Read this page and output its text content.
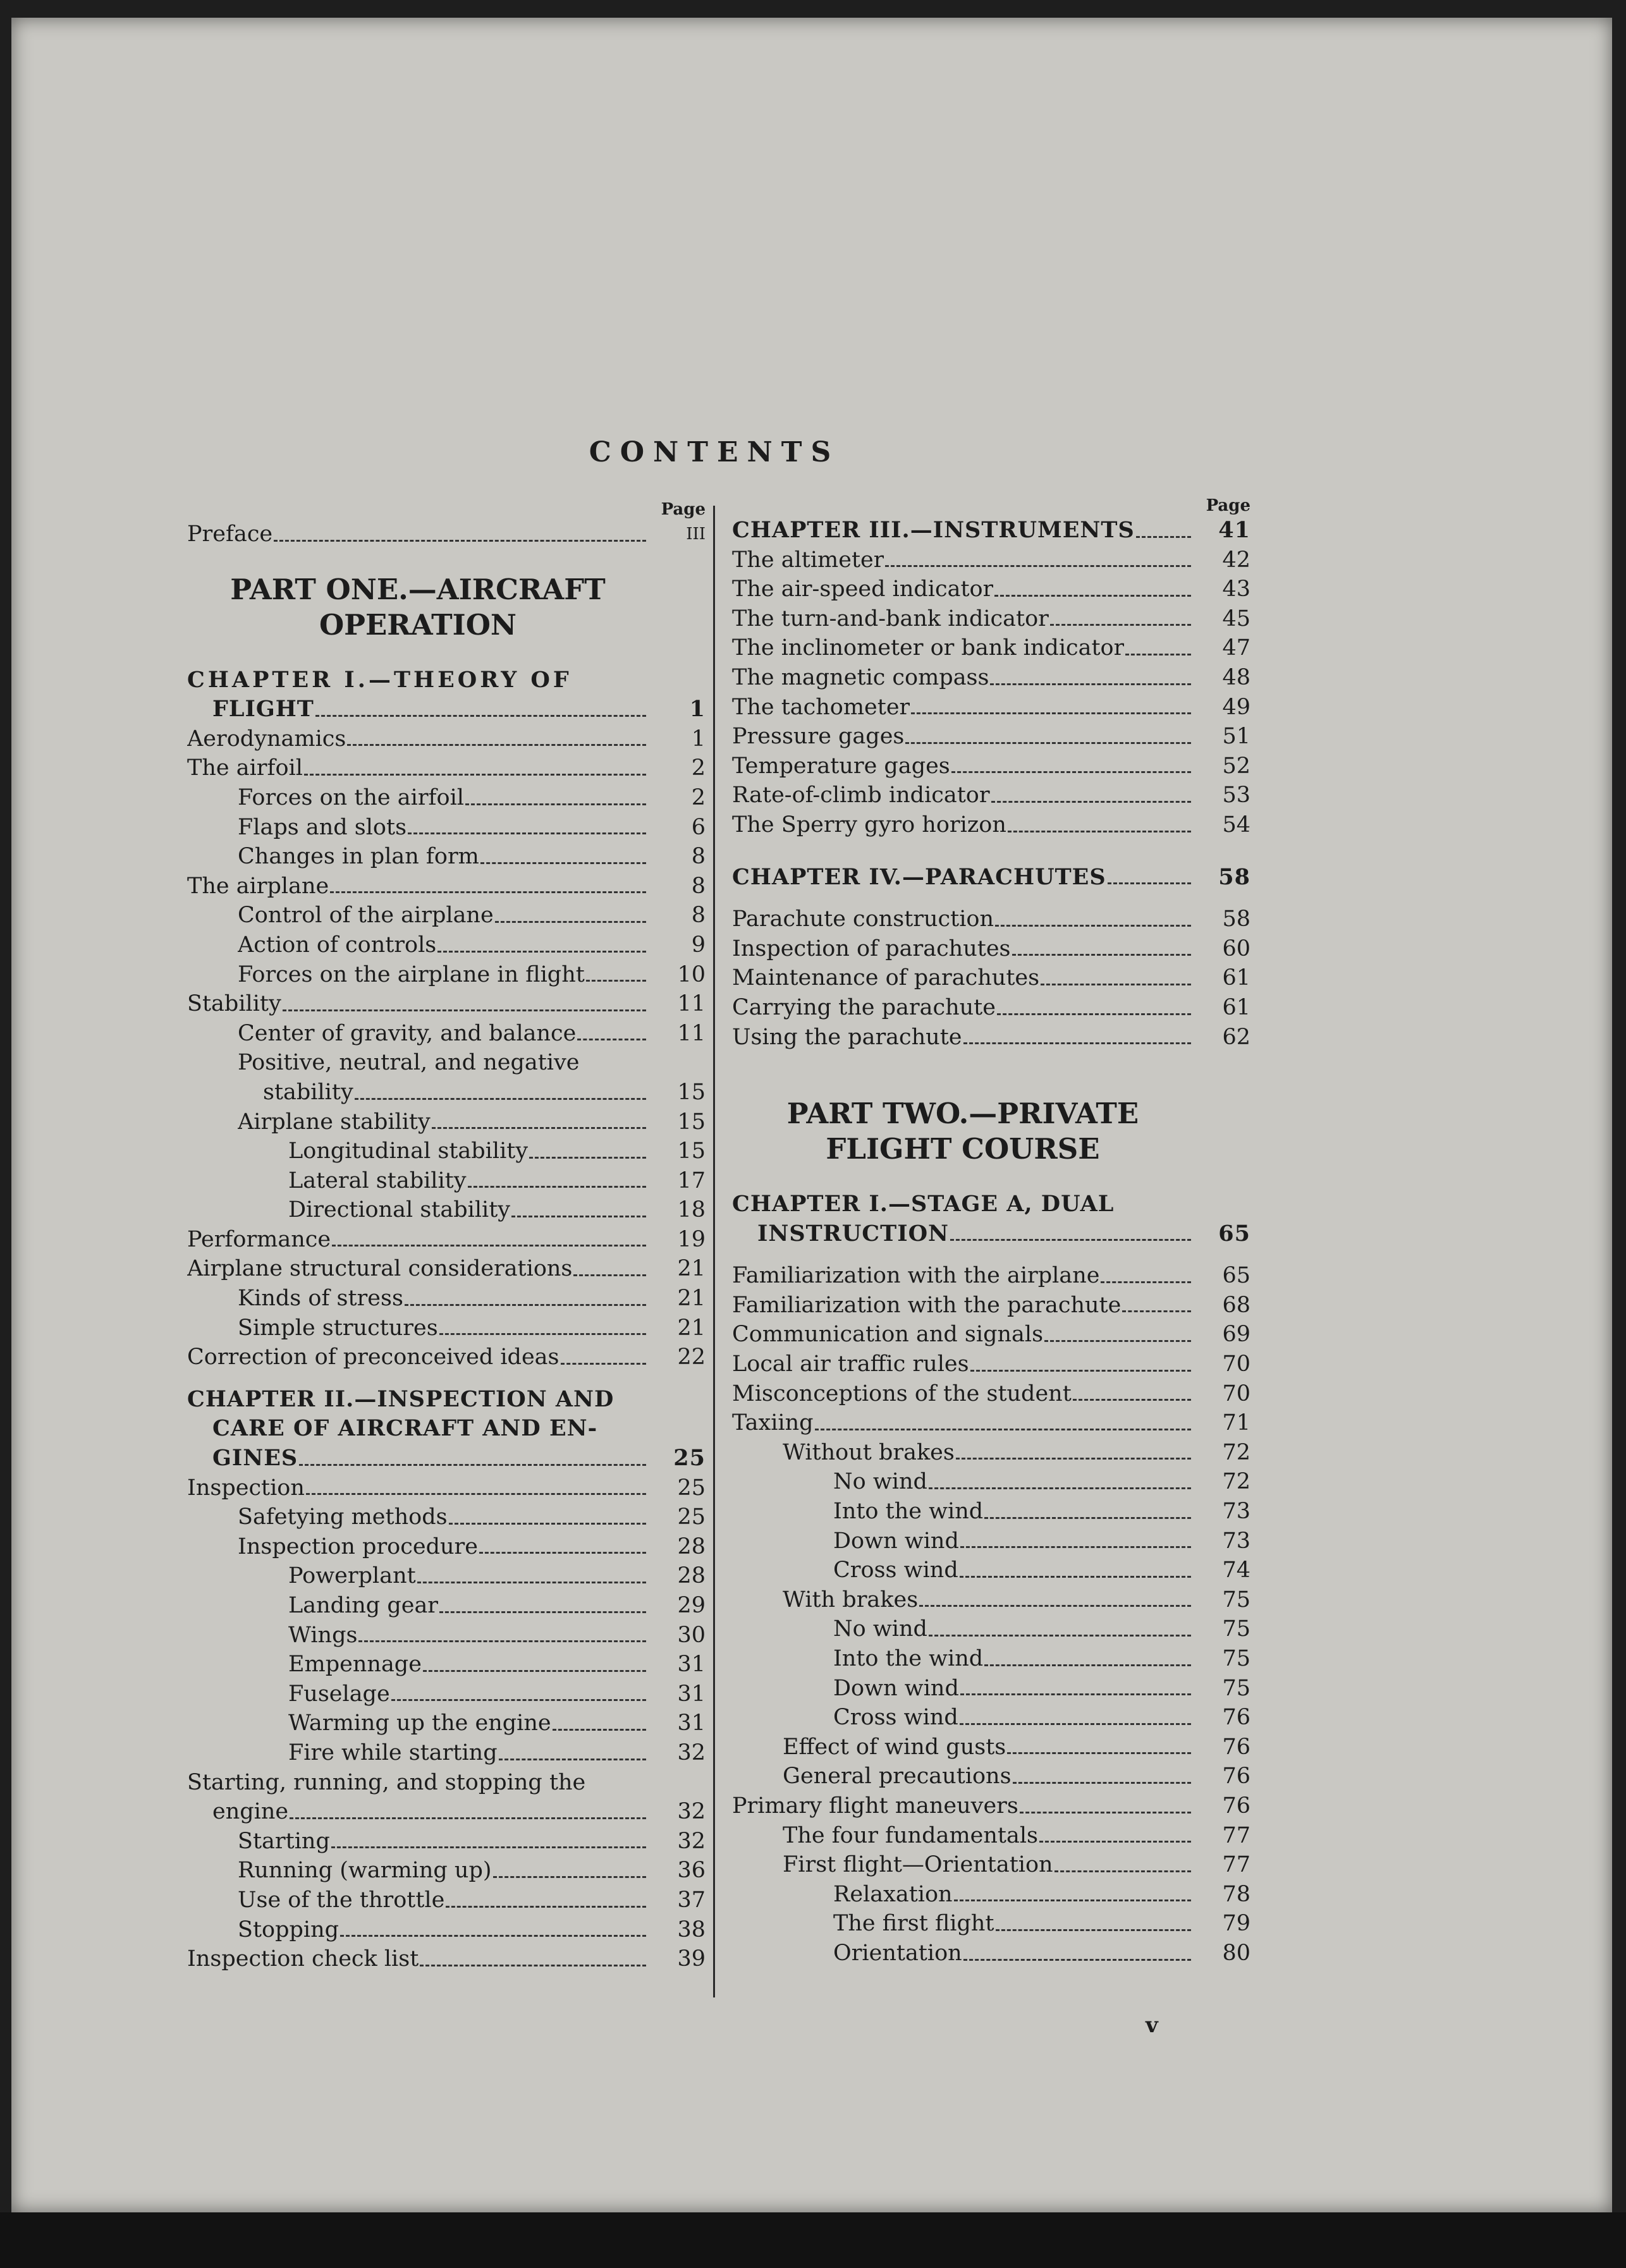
CONTENTS
Page
Preface	III
PART ONE.—AIRCRAFT
OPERATION
CHAPTER I.—THEORY OF
FLIGHT	1
Aerodynamics	1
The airfoil	2
Forces on the airfoil	2
Flaps and slots	6
Changes in plan form	8
The airplane	8
Control of the airplane	8
Action of controls	9
Forces on the airplane in flight	10
Stability	11
Center of gravity, and balance	11
Positive, neutral, and negative
stability	15
Airplane stability	15
Longitudinal stability	15
Lateral stability	17
Directional stability	18
Performance	19
Airplane structural considerations	21
Kinds of stress	21
Simple structures	21
Correction of preconceived ideas	22
CHAPTER II.—INSPECTION AND
CARE OF AIRCRAFT AND EN-
GINES	25
Inspection	25
Safetying methods	25
Inspection procedure	28
Powerplant	28
Landing gear	29
Wings	30
Empennage	31
Fuselage	31
Warming up the engine	31
Fire while starting	32
Starting, running, and stopping the
engine	32
Starting	32
Running (warming up)	36
Use of the throttle	37
Stopping	38
Inspection check list	39
Page
CHAPTER III.—INSTRUMENTS	41
The altimeter	42
The air-speed indicator	43
The turn-and-bank indicator	45
The inclinometer or bank indicator	47
The magnetic compass	48
The tachometer	49
Pressure gages	51
Temperature gages	52
Rate-of-climb indicator	53
The Sperry gyro horizon	54
CHAPTER IV.—PARACHUTES	58
Parachute construction	58
Inspection of parachutes	60
Maintenance of parachutes	61
Carrying the parachute	61
Using the parachute	62
PART TWO.—PRIVATE
FLIGHT COURSE
CHAPTER I.—STAGE A, DUAL
INSTRUCTION	65
Familiarization with the airplane	65
Familiarization with the parachute	68
Communication and signals	69
Local air traffic rules	70
Misconceptions of the student	70
Taxiing	71
Without brakes	72
No wind	72
Into the wind	73
Down wind	73
Cross wind	74
With brakes	75
No wind	75
Into the wind	75
Down wind	75
Cross wind	76
Effect of wind gusts	76
General precautions	76
Primary flight maneuvers	76
The four fundamentals	77
First flight—Orientation	77
Relaxation	78
The first flight	79
Orientation	80
v
